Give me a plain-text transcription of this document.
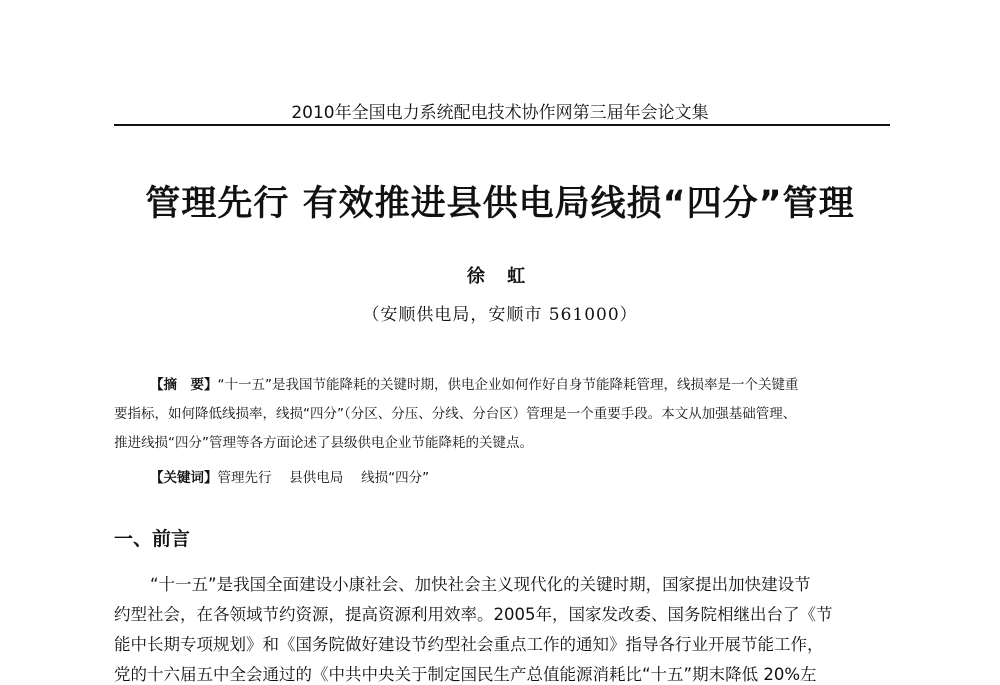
2010年全国电力系统配电技术协作网第三届年会论文集
管理先行 有效推进县供电局线损“四分”管理
徐 虹
（安顺供电局，安顺市 561000）
【摘　要】“十一五”是我国节能降耗的关键时期，供电企业如何作好自身节能降耗管理，线损率是一个关键重
要指标，如何降低线损率，线损“四分”（分区、分压、分线、分台区）管理是一个重要手段。本文从加强基础管理、
推进线损“四分”管理等各方面论述了县级供电企业节能降耗的关键点。
【关键词】管理先行　 县供电局　 线损“四分”
一、前言
“十一五”是我国全面建设小康社会、加快社会主义现代化的关键时期，国家提出加快建设节
约型社会，在各领域节约资源，提高资源利用效率。2005年，国家发改委、国务院相继出台了《节
能中长期专项规划》和《国务院做好建设节约型社会重点工作的通知》指导各行业开展节能工作，
党的十六届五中全会通过的《中共中央关于制定国民生产总值能源消耗比“十五”期末降低 20%左
